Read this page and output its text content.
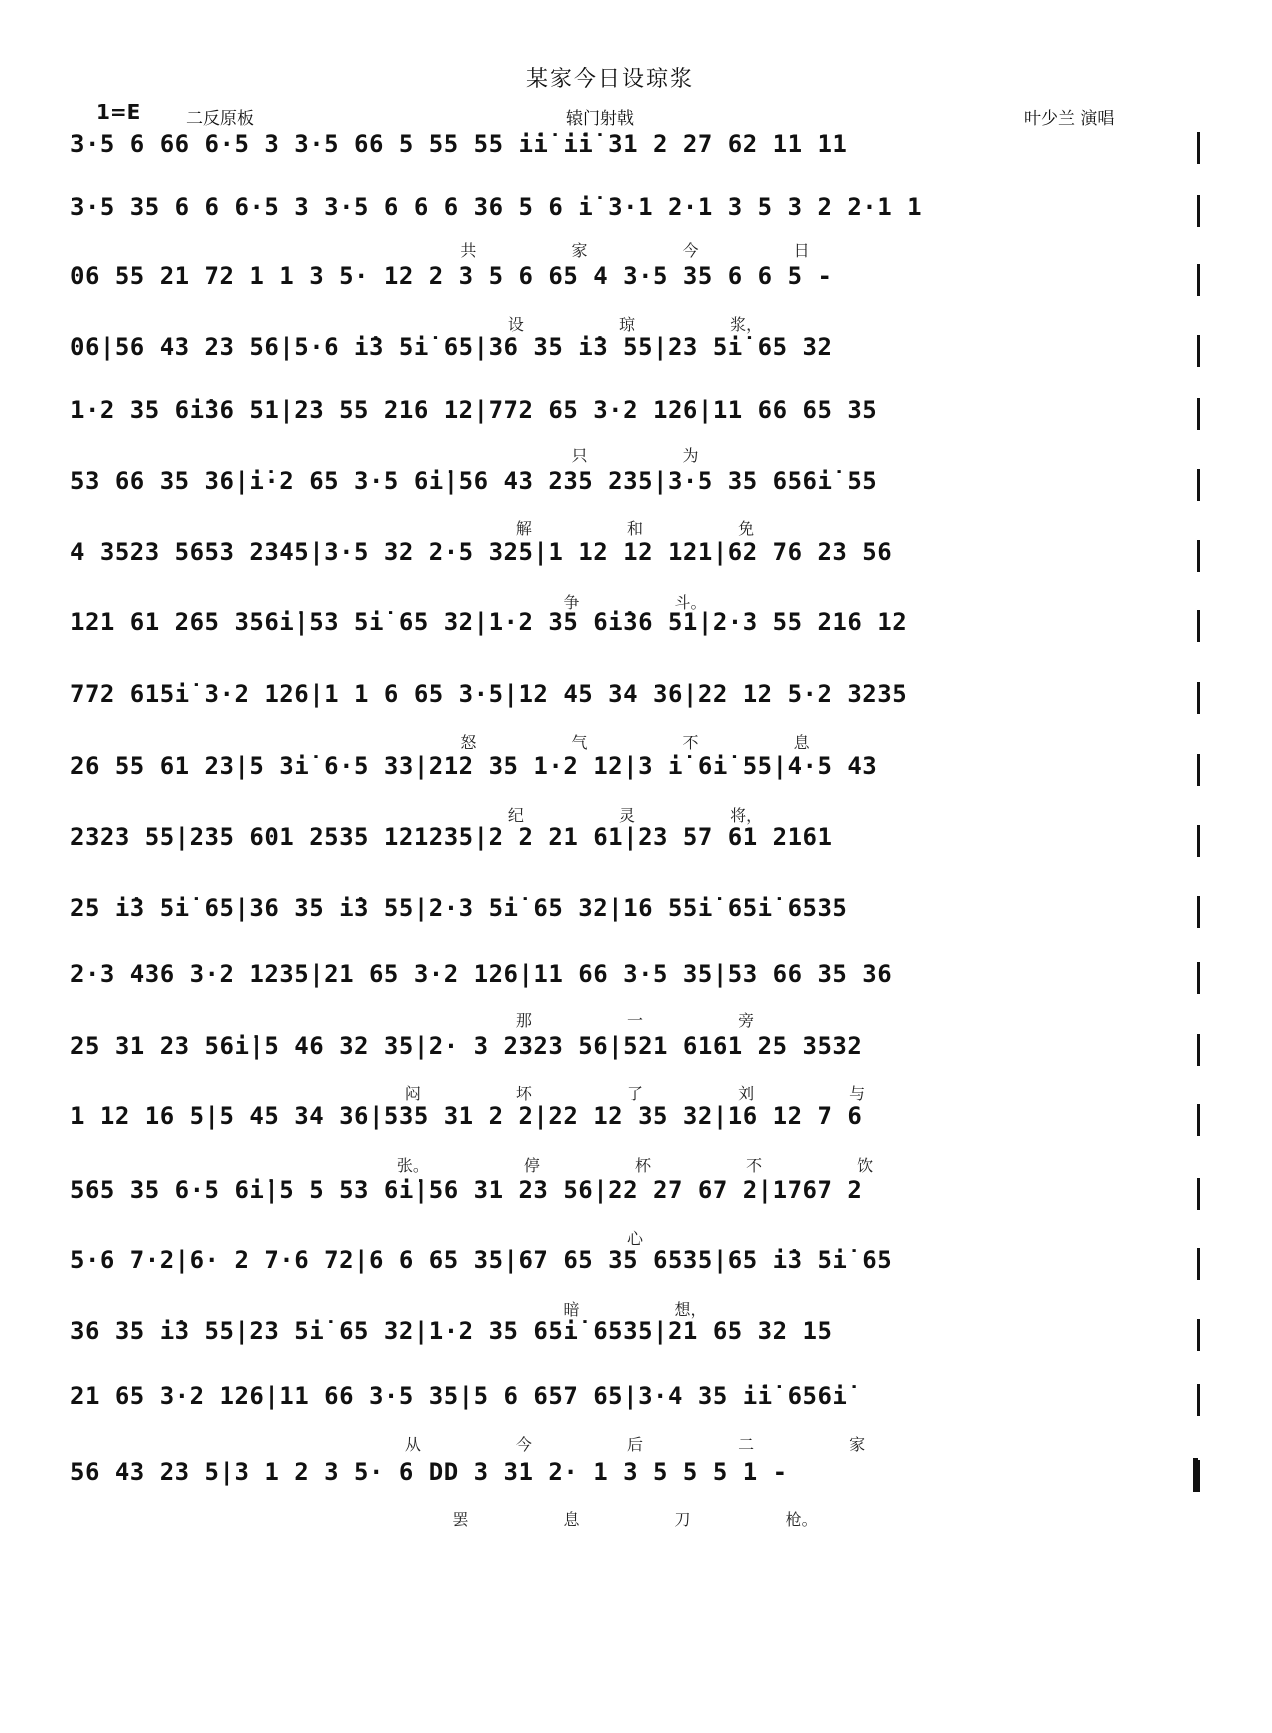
某家今日设琼浆
1=E	二反原板	辕门射戟	叶少兰 演唱
3·5 6 66 6·5 3 3·5 66 5 55 55 i̇i̇ i̇i̇ 31 2 27 62 11 11
3·5 35 6 6 6·5 3 3·5 6 6 6 36 5 6 i̇ 3·1 2·1 3 5 3 2 2·1 1
共 家 今 日
06 55 21 72 1 1 3 5· 12 2 3 5 6 65 4 3·5 35 6 6 5 -
设 琼 浆，
06|56 43 23 56|5·6 i̇3 5i̇ 65|36 35 i̇3 55|23 5i̇ 65 32
1·2 35 6i̇36 51|23 55 216 12|772 65 3·2 126|11 66 65 35
只 为
53 66 35 36|i̇·2 65 3·5 6i̇|56 43 235 235|3·5 35 656i̇ 55
解 和 免
4 3523 5653 2345|3·5 32 2·5 325|1 12 12 121|62 76 23 56
争 斗。
121 61 265 356i̇|53 5i̇ 65 32|1·2 35 6i̇36 51|2·3 55 216 12
772 615i̇ 3·2 126|1 1 6 65 3·5|12 45 34 36|22 12 5·2 3235
怒 气 不 息
26 55 61 23|5 3i̇ 6·5 33|212 35 1·2 12|3 i̇ 6i̇ 55|4·5 43
纪 灵 将，
2323 55|235 601 2535 121235|2 2 21 61|23 57 61 2161
25 i̇3 5i̇ 65|36 35 i̇3 55|2·3 5i̇ 65 32|16 55i̇ 65i̇ 6535
2·3 436 3·2 1235|21 65 3·2 126|11 66 3·5 35|53 66 35 36
那 一 旁
25 31 23 56i̇|5 46 32 35|2· 3 2323 56|521 6161 25 3532
闷 坏 了 刘 与
1 12 16 5|5 45 34 36|535 31 2 2|22 12 35 32|16 12 7 6
张。 停 杯 不 饮
565 35 6·5 6i̇|5 5 53 6i̇|56 31 23 56|22 27 67 2|1767 2
心
5·6 7·2|6· 2 7·6 72|6 6 65 35|67 65 35 6535|65 i̇3 5i̇ 65
暗 想，
36 35 i̇3 55|23 5i̇ 65 32|1·2 35 65i̇ 6535|21 65 32 15
21 65 3·2 126|11 66 3·5 35|5 6 657 65|3·4 35 i̇i̇ 656i̇
从 今 后 二 家
56 43 23 5|3 1 2 3 5· 6 DD 3 31 2· 1 3 5 5 5 1 -
罢 息 刀 枪。
